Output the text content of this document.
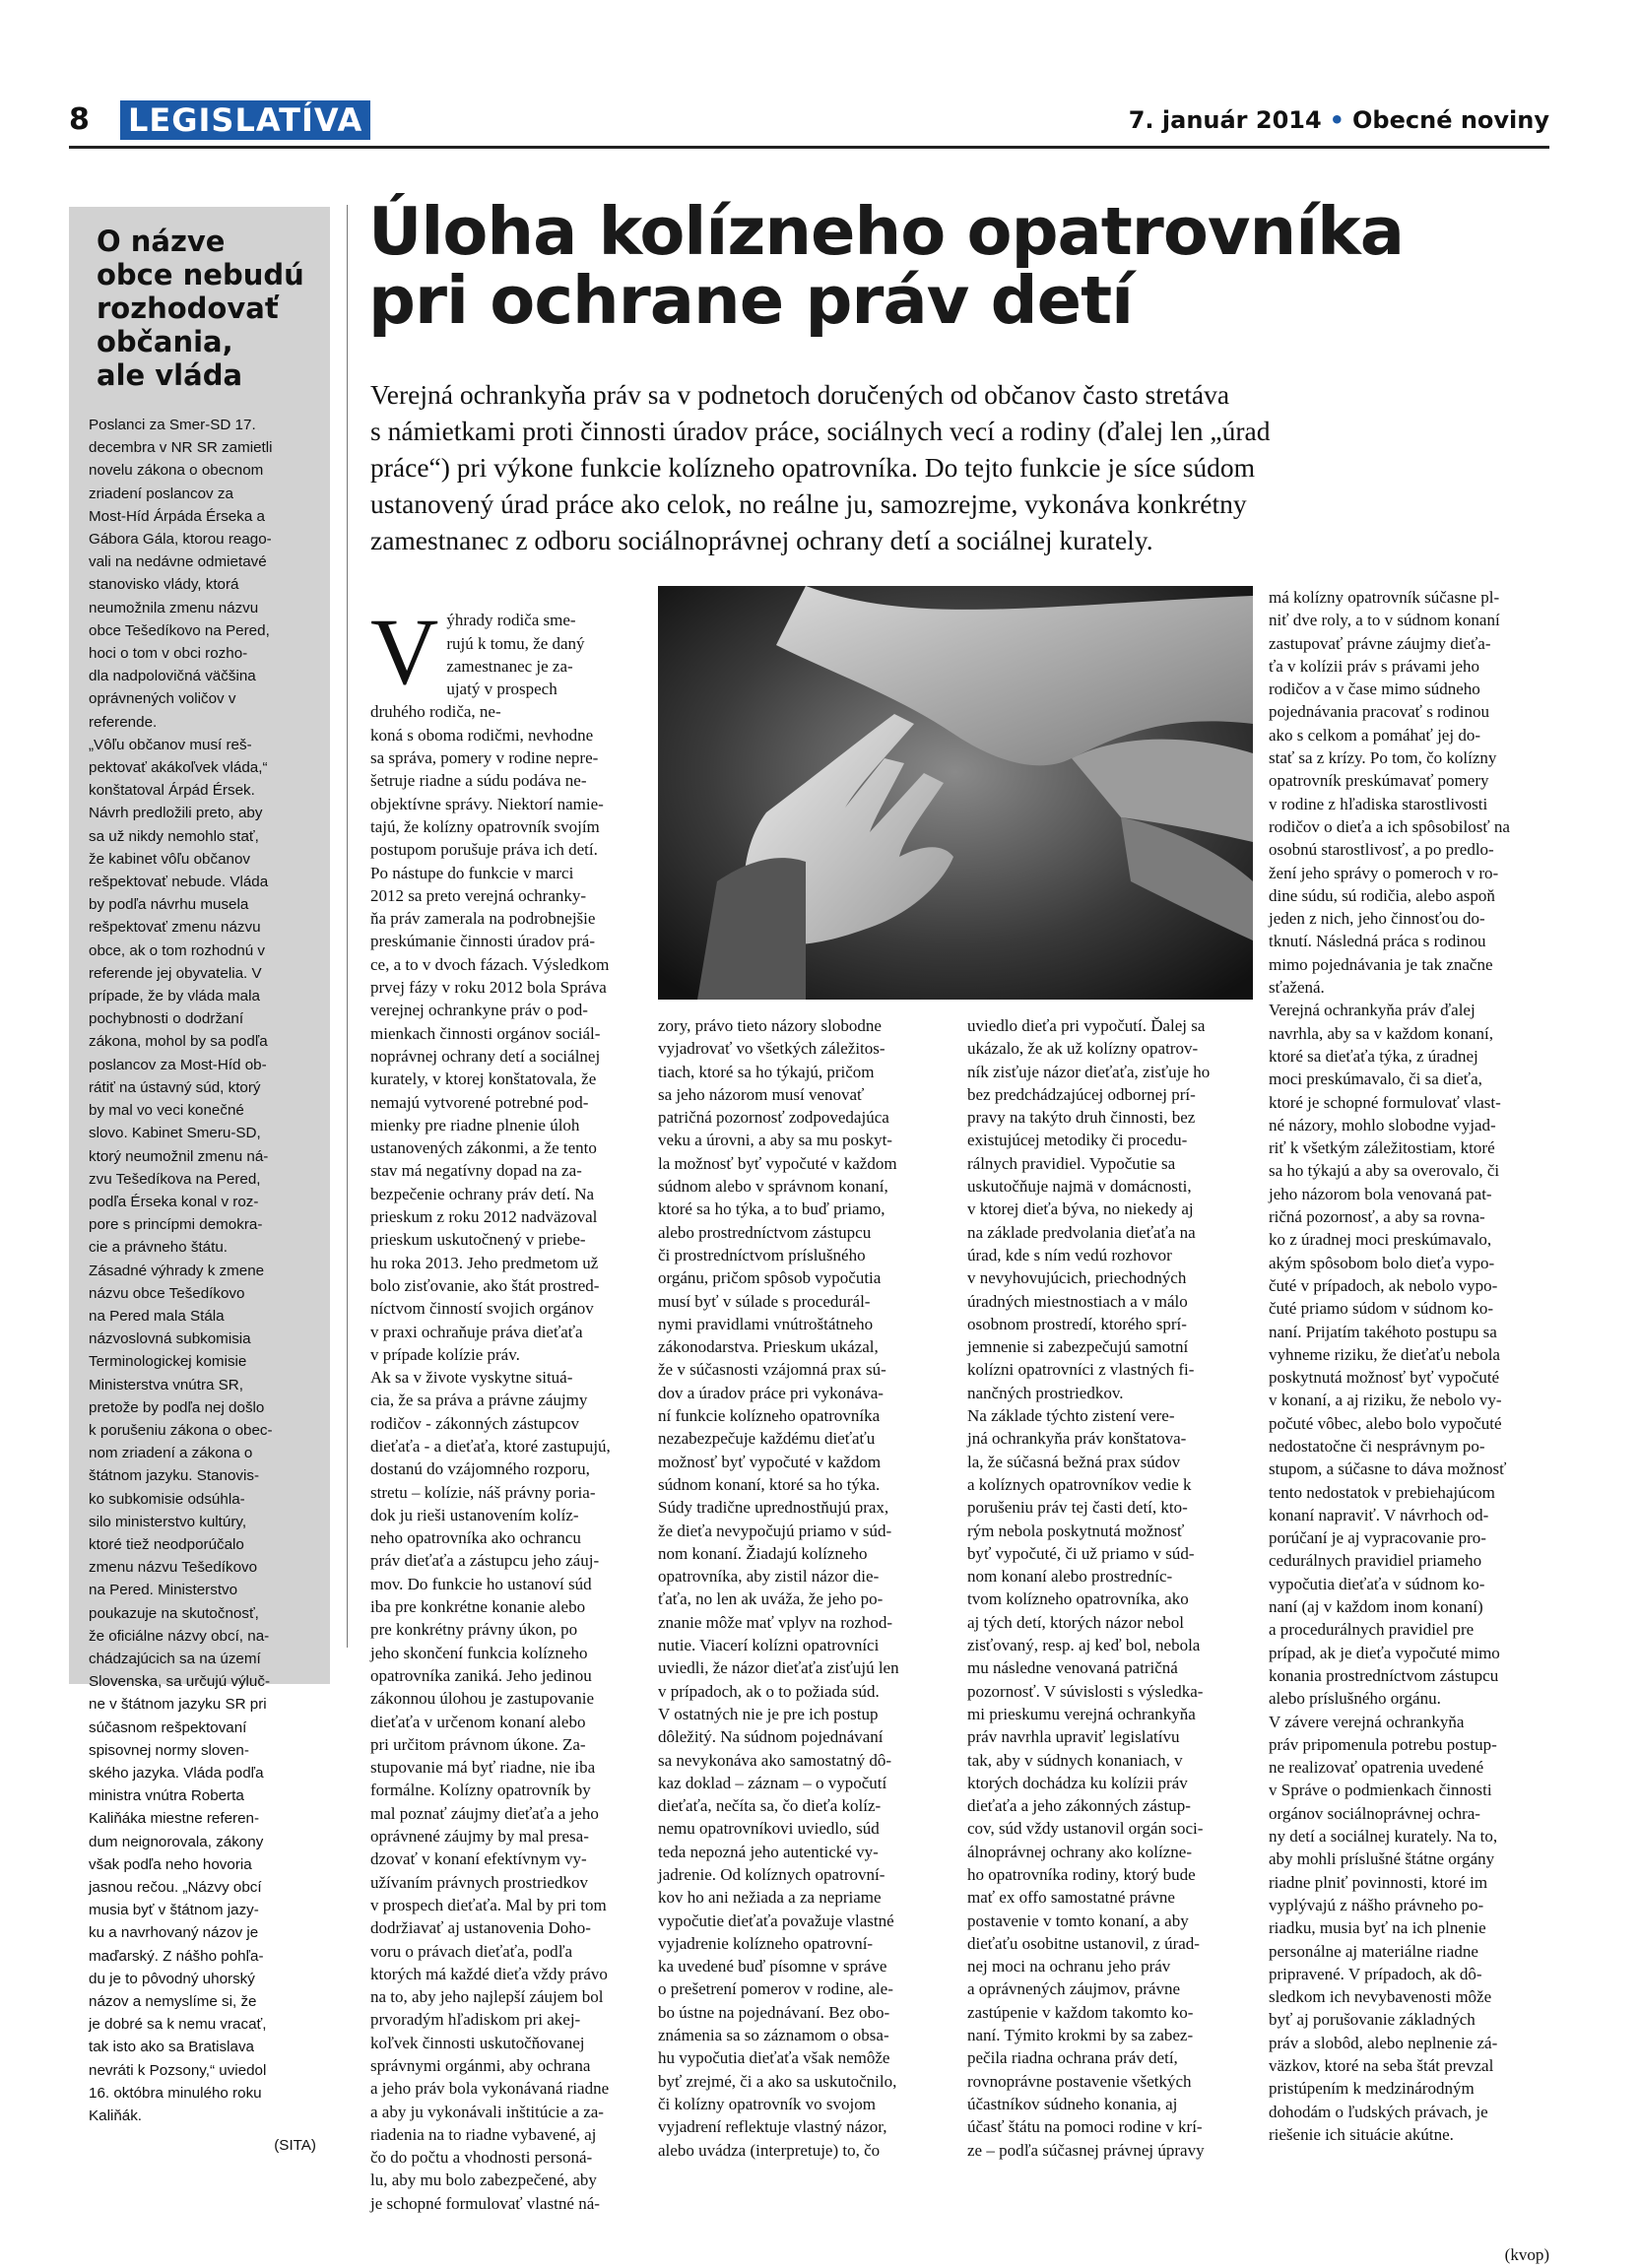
8 LEGISLATÍVA	7. január 2014 • Obecné noviny
O názve
obce nebudú
rozhodovať
občania,
ale vláda

Poslanci za Smer-SD 17.
decembra v NR SR zamietli
novelu zákona o obecnom
zriadení poslancov za
Most-Híd Árpáda Érseka a
Gábora Gála, ktorou reago-
vali na nedávne odmietavé
stanovisko vlády, ktorá
neumožnila zmenu názvu
obce Tešedíkovo na Pered,
hoci o tom v obci rozho-
dla nadpolovičná väčšina
oprávnených voličov v
referende.
„Vôľu občanov musí reš-
pektovať akákoľvek vláda,“
konštatoval Árpád Érsek.
Návrh predložili preto, aby
sa už nikdy nemohlo stať,
že kabinet vôľu občanov
rešpektovať nebude. Vláda
by podľa návrhu musela
rešpektovať zmenu názvu
obce, ak o tom rozhodnú v
referende jej obyvatelia. V
prípade, že by vláda mala
pochybnosti o dodržaní
zákona, mohol by sa podľa
poslancov za Most-Híd ob-
rátiť na ústavný súd, ktorý
by mal vo veci konečné
slovo. Kabinet Smeru-SD,
ktorý neumožnil zmenu ná-
zvu Tešedíkova na Pered,
podľa Érseka konal v roz-
pore s princípmi demokra-
cie a právneho štátu.
Zásadné výhrady k zmene
názvu obce Tešedíkovo
na Pered mala Stála
názvoslovná subkomisia
Terminologickej komisie
Ministerstva vnútra SR,
pretože by podľa nej došlo
k porušeniu zákona o obec-
nom zriadení a zákona o
štátnom jazyku. Stanovis-
ko subkomisie odsúhla-
silo ministerstvo kultúry,
ktoré tiež neodporúčalo
zmenu názvu Tešedíkovo
na Pered. Ministerstvo
poukazuje na skutočnosť,
že oficiálne názvy obcí, na-
chádzajúcich sa na území
Slovenska, sa určujú výluč-
ne v štátnom jazyku SR pri
súčasnom rešpektovaní
spisovnej normy sloven-
ského jazyka. Vláda podľa
ministra vnútra Roberta
Kaliňáka miestne referen-
dum neignorovala, zákony
však podľa neho hovoria
jasnou rečou. „Názvy obcí
musia byť v štátnom jazy-
ku a navrhovaný názov je
maďarský. Z nášho pohľa-
du je to pôvodný uhorský
názov a nemyslíme si, že
je dobré sa k nemu vracať,
tak isto ako sa Bratislava
nevráti k Pozsony,“ uviedol
16. októbra minulého roku
Kaliňák.

(SITA)
Úloha kolízneho opatrovníka
pri ochrane práv detí
Verejná ochrankyňa práv sa v podnetoch doručených od občanov často stretáva
s námietkami proti činnosti úradov práce, sociálnych vecí a rodiny (ďalej len „úrad
práce“) pri výkone funkcie kolízneho opatrovníka. Do tejto funkcie je síce súdom
ustanovený úrad práce ako celok, no reálne ju, samozrejme, vykonáva konkrétny
zamestnanec z odboru sociálnoprávnej ochrany detí a sociálnej kurately.

Výhrady rodiča sme-
rujú k tomu, že daný
zamestnanec je za-
ujatý v prospech
druhého rodiča, ne-
koná s oboma rodičmi, nevhodne
sa správa, pomery v rodine nepre-
šetruje riadne a súdu podáva ne-
objektívne správy. Niektorí namie-
tajú, že kolízny opatrovník svojím
postupom porušuje práva ich detí.
Po nástupe do funkcie v marci
2012 sa preto verejná ochranky-
ňa práv zamerala na podrobnejšie
preskúmanie činnosti úradov prá-
ce, a to v dvoch fázach. Výsledkom
prvej fázy v roku 2012 bola Správa
verejnej ochrankyne práv o pod-
mienkach činnosti orgánov sociál-
noprávnej ochrany detí a sociálnej
kurately, v ktorej konštatovala, že
nemajú vytvorené potrebné pod-
mienky pre riadne plnenie úloh
ustanovených zákonmi, a že tento
stav má negatívny dopad na za-
bezpečenie ochrany práv detí. Na
prieskum z roku 2012 nadväzoval
prieskum uskutočnený v priebe-
hu roka 2013. Jeho predmetom už
bolo zisťovanie, ako štát prostred-
níctvom činností svojich orgánov
v praxi ochraňuje práva dieťaťa
v prípade kolízie práv.
Ak sa v živote vyskytne situá-
cia, že sa práva a právne záujmy
rodičov - zákonných zástupcov
dieťaťa - a dieťaťa, ktoré zastupujú,
dostanú do vzájomného rozporu,
stretu – kolízie, náš právny poria-
dok ju rieši ustanovením kolíz-
neho opatrovníka ako ochrancu
práv dieťaťa a zástupcu jeho záuj-
mov. Do funkcie ho ustanoví súd
iba pre konkrétne konanie alebo
pre konkrétny právny úkon, po
jeho skončení funkcia kolízneho
opatrovníka zaniká. Jeho jedinou
zákonnou úlohou je zastupovanie
dieťaťa v určenom konaní alebo
pri určitom právnom úkone. Za-
stupovanie má byť riadne, nie iba
formálne. Kolízny opatrovník by
mal poznať záujmy dieťaťa a jeho
oprávnené záujmy by mal presa-
dzovať v konaní efektívnym vy-
užívaním právnych prostriedkov
v prospech dieťaťa. Mal by pri tom
dodržiavať aj ustanovenia Doho-
voru o právach dieťaťa, podľa
ktorých má každé dieťa vždy právo
na to, aby jeho najlepší záujem bol
prvoradým hľadiskom pri akej-
koľvek činnosti uskutočňovanej
správnymi orgánmi, aby ochrana
a jeho práv bola vykonávaná riadne
a aby ju vykonávali inštitúcie a za-
riadenia na to riadne vybavené, aj
čo do počtu a vhodnosti personá-
lu, aby mu bolo zabezpečené, aby
je schopné formulovať vlastné ná-

zory, právo tieto názory slobodne
vyjadrovať vo všetkých záležitos-
tiach, ktoré sa ho týkajú, pričom
sa jeho názorom musí venovať
patričná pozornosť zodpovedajúca
veku a úrovni, a aby sa mu poskyt-
la možnosť byť vypočuté v každom
súdnom alebo v správnom konaní,
ktoré sa ho týka, a to buď priamo,
alebo prostredníctvom zástupcu
či prostredníctvom príslušného
orgánu, pričom spôsob vypočutia
musí byť v súlade s procedurál-
nymi pravidlami vnútroštátneho
zákonodarstva. Prieskum ukázal,
že v súčasnosti vzájomná prax sú-
dov a úradov práce pri vykonáva-
ní funkcie kolízneho opatrovníka
nezabezpečuje každému dieťaťu
možnosť byť vypočuté v každom
súdnom konaní, ktoré sa ho týka.
Súdy tradične uprednostňujú prax,
že dieťa nevypočujú priamo v súd-
nom konaní. Žiadajú kolízneho
opatrovníka, aby zistil názor die-
ťaťa, no len ak uváža, že jeho po-
znanie môže mať vplyv na rozhod-
nutie. Viacerí kolízni opatrovníci
uviedli, že názor dieťaťa zisťujú len
v prípadoch, ak o to požiada súd.
V ostatných nie je pre ich postup
dôležitý. Na súdnom pojednávaní
sa nevykonáva ako samostatný dô-
kaz doklad – záznam – o vypočutí
dieťaťa, nečíta sa, čo dieťa kolíz-
nemu opatrovníkovi uviedlo, súd
teda nepozná jeho autentické vy-
jadrenie. Od kolíznych opatrovní-
kov ho ani nežiada a za nepriame
vypočutie dieťaťa považuje vlastné
vyjadrenie kolízneho opatrovní-
ka uvedené buď písomne v správe
o prešetrení pomerov v rodine, ale-
bo ústne na pojednávaní. Bez obo-
známenia sa so záznamom o obsa-
hu vypočutia dieťaťa však nemôže
byť zrejmé, či a ako sa uskutočnilo,
či kolízny opatrovník vo svojom
vyjadrení reflektuje vlastný názor,
alebo uvádza (interpretuje) to, čo
uviedlo dieťa pri vypočutí. Ďalej sa
ukázalo, že ak už kolízny opatrov-
ník zisťuje názor dieťaťa, zisťuje ho
bez predchádzajúcej odbornej prí-
pravy na takýto druh činnosti, bez
existujúcej metodiky či procedu-
rálnych pravidiel. Vypočutie sa
uskutočňuje najmä v domácnosti,
v ktorej dieťa býva, no niekedy aj
na základe predvolania dieťaťa na
úrad, kde s ním vedú rozhovor
v nevyhovujúcich, priechodných
úradných miestnostiach a v málo
osobnom prostredí, ktorého sprí-
jemnenie si zabezpečujú samotní
kolízni opatrovníci z vlastných fi-
nančných prostriedkov.
Na základe týchto zistení vere-
jná ochrankyňa práv konštatova-
la, že súčasná bežná prax súdov
a kolíznych opatrovníkov vedie k
porušeniu práv tej časti detí, kto-
rým nebola poskytnutá možnosť
byť vypočuté, či už priamo v súd-
nom konaní alebo prostredníc-
tvom kolízneho opatrovníka, ako
aj tých detí, ktorých názor nebol
zisťovaný, resp. aj keď bol, nebola
mu následne venovaná patričná
pozornosť. V súvislosti s výsledka-
mi prieskumu verejná ochrankyňa
práv navrhla upraviť legislatívu
tak, aby v súdnych konaniach, v
ktorých dochádza ku kolízii práv
dieťaťa a jeho zákonných zástup-
cov, súd vždy ustanovil orgán soci-
álnoprávnej ochrany ako kolízne-
ho opatrovníka rodiny, ktorý bude
mať ex offo samostatné právne
postavenie v tomto konaní, a aby
dieťaťu osobitne ustanovil, z úrad-
nej moci na ochranu jeho práv
a oprávnených záujmov, právne
zastúpenie v každom takomto ko-
naní. Týmito krokmi by sa zabez-
pečila riadna ochrana práv detí,
rovnoprávne postavenie všetkých
účastníkov súdneho konania, aj
účasť štátu na pomoci rodine v krí-
ze – podľa súčasnej právnej úpravy
má kolízny opatrovník súčasne pl-
niť dve roly, a to v súdnom konaní
zastupovať právne záujmy dieťa-
ťa v kolízii práv s právami jeho
rodičov a v čase mimo súdneho
pojednávania pracovať s rodinou
ako s celkom a pomáhať jej do-
stať sa z krízy. Po tom, čo kolízny
opatrovník preskúmavať pomery
v rodine z hľadiska starostlivosti
rodičov o dieťa a ich spôsobilosť na
osobnú starostlivosť, a po predlo-
žení jeho správy o pomeroch v ro-
dine súdu, sú rodičia, alebo aspoň
jeden z nich, jeho činnosťou do-
tknutí. Následná práca s rodinou
mimo pojednávania je tak značne
sťažená.
Verejná ochrankyňa práv ďalej
navrhla, aby sa v každom konaní,
ktoré sa dieťaťa týka, z úradnej
moci preskúmavalo, či sa dieťa,
ktoré je schopné formulovať vlast-
né názory, mohlo slobodne vyjad-
riť k všetkým záležitostiam, ktoré
sa ho týkajú a aby sa overovalo, či
jeho názorom bola venovaná pat-
ričná pozornosť, a aby sa rovna-
ko z úradnej moci preskúmavalo,
akým spôsobom bolo dieťa vypo-
čuté v prípadoch, ak nebolo vypo-
čuté priamo súdom v súdnom ko-
naní. Prijatím takéhoto postupu sa
vyhneme riziku, že dieťaťu nebola
poskytnutá možnosť byť vypočuté
v konaní, a aj riziku, že nebolo vy-
počuté vôbec, alebo bolo vypočuté
nedostatočne či nesprávnym po-
stupom, a súčasne to dáva možnosť
tento nedostatok v prebiehajúcom
konaní napraviť. V návrhoch od-
porúčaní je aj vypracovanie pro-
cedurálnych pravidiel priameho
vypočutia dieťaťa v súdnom ko-
naní (aj v každom inom konaní)
a procedurálnych pravidiel pre
prípad, ak je dieťa vypočuté mimo
konania prostredníctvom zástupcu
alebo príslušného orgánu.
V závere verejná ochrankyňa
práv pripomenula potrebu postup-
ne realizovať opatrenia uvedené
v Správe o podmienkach činnosti
orgánov sociálnoprávnej ochra-
ny detí a sociálnej kurately. Na to,
aby mohli príslušné štátne orgány
riadne plniť povinnosti, ktoré im
vyplývajú z nášho právneho po-
riadku, musia byť na ich plnenie
personálne aj materiálne riadne
pripravené. V prípadoch, ak dô-
sledkom ich nevybavenosti môže
byť aj porušovanie základných
práv a slobôd, alebo neplnenie zá-
väzkov, ktoré na seba štát prevzal
pristúpením k medzinárodným
dohodám o ľudských právach, je
riešenie ich situácie akútne.
(kvop)
